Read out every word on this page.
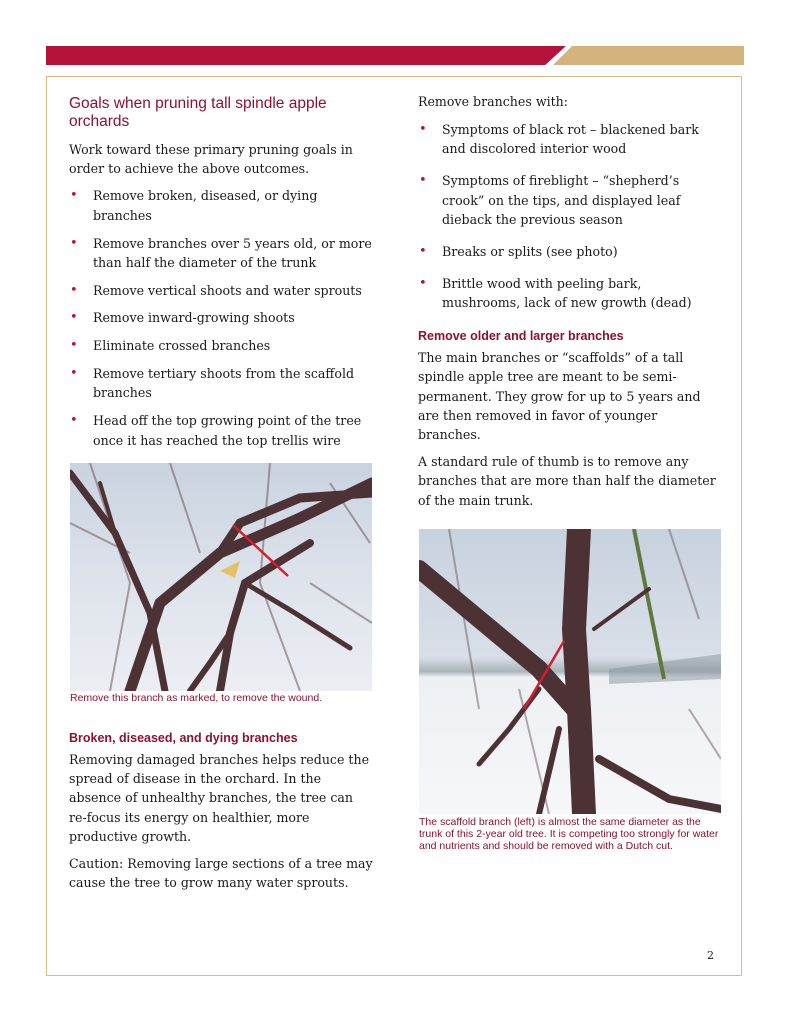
Goals when pruning tall spindle apple orchards

Work toward these primary pruning goals in order to achieve the above outcomes.

• Remove broken, diseased, or dying branches
• Remove branches over 5 years old, or more than half the diameter of the trunk
• Remove vertical shoots and water sprouts
• Remove inward-growing shoots
• Eliminate crossed branches
• Remove tertiary shoots from the scaffold branches
• Head off the top growing point of the tree once it has reached the top trellis wire

Remove this branch as marked, to remove the wound.

Broken, diseased, and dying branches

Removing damaged branches helps reduce the spread of disease in the orchard. In the absence of unhealthy branches, the tree can re-focus its energy on healthier, more productive growth.

Caution: Removing large sections of a tree may cause the tree to grow many water sprouts.

Remove branches with:

• Symptoms of black rot – blackened bark and discolored interior wood
• Symptoms of fireblight – “shepherd’s crook” on the tips, and displayed leaf dieback the previous season
• Breaks or splits (see photo)
• Brittle wood with peeling bark, mushrooms, lack of new growth (dead)
Remove older and larger branches

The main branches or “scaffolds” of a tall spindle apple tree are meant to be semi-permanent. They grow for up to 5 years and are then removed in favor of younger branches.

A standard rule of thumb is to remove any branches that are more than half the diameter of the main trunk.

The scaffold branch (left) is almost the same diameter as the trunk of this 2-year old tree. It is competing too strongly for water and nutrients and should be removed with a Dutch cut.

2
